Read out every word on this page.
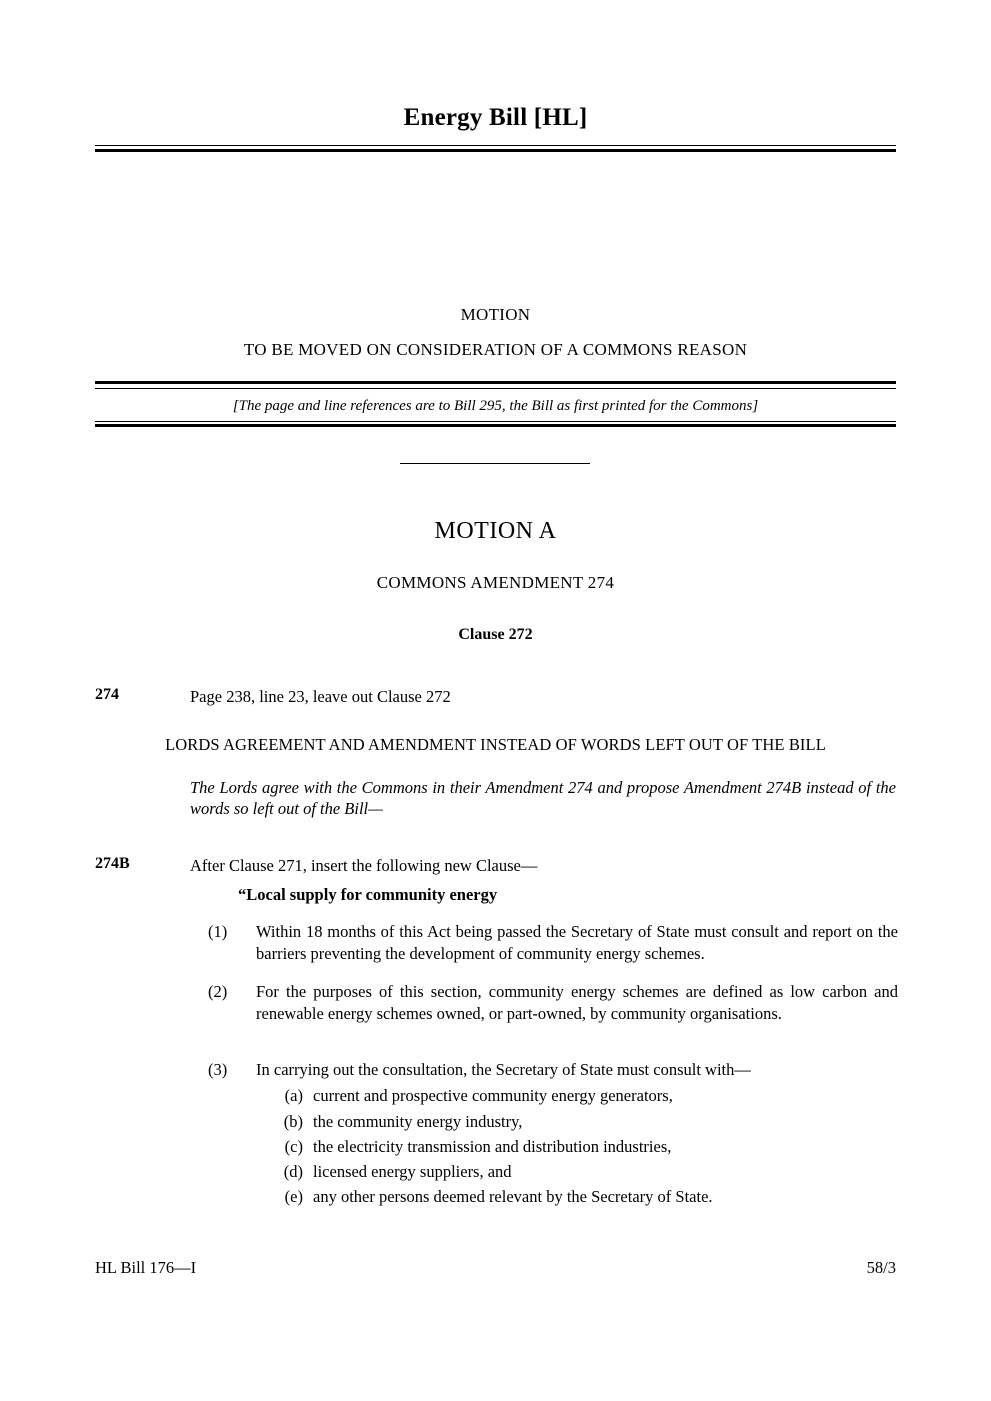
Energy Bill [HL]
MOTION
TO BE MOVED ON CONSIDERATION OF A COMMONS REASON
[The page and line references are to Bill 295, the Bill as first printed for the Commons]
MOTION A
COMMONS AMENDMENT 274
Clause 272
274	Page 238, line 23, leave out Clause 272
LORDS AGREEMENT AND AMENDMENT INSTEAD OF WORDS LEFT OUT OF THE BILL
The Lords agree with the Commons in their Amendment 274 and propose Amendment 274B instead of the words so left out of the Bill—
274B	After Clause 271, insert the following new Clause—
“Local supply for community energy
(1)	Within 18 months of this Act being passed the Secretary of State must consult and report on the barriers preventing the development of community energy schemes.
(2)	For the purposes of this section, community energy schemes are defined as low carbon and renewable energy schemes owned, or part-owned, by community organisations.
(3)	In carrying out the consultation, the Secretary of State must consult with—
(a) current and prospective community energy generators,
(b) the community energy industry,
(c) the electricity transmission and distribution industries,
(d) licensed energy suppliers, and
(e) any other persons deemed relevant by the Secretary of State.
HL Bill 176—I	58/3
